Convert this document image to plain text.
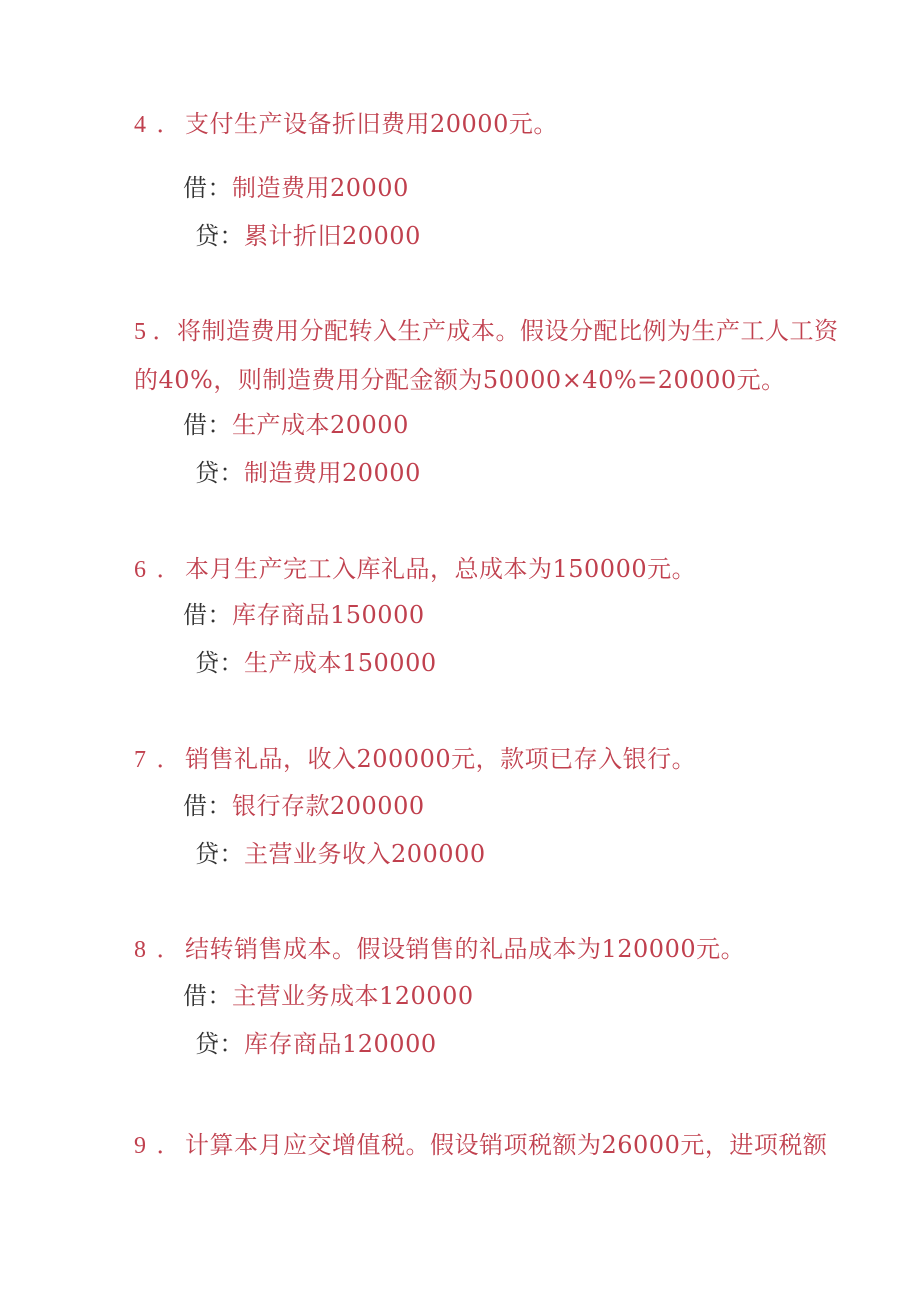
4 ． 支付生产设备折旧费用20000元。
借：制造费用20000
贷：累计折旧20000
5 ．将制造费用分配转入生产成本。假设分配比例为生产工人工资
的40%，则制造费用分配金额为50000×40%=20000元。
借：生产成本20000
贷：制造费用20000
6 ． 本月生产完工入库礼品，总成本为150000元。
借：库存商品150000
贷：生产成本150000
7 ． 销售礼品，收入200000元，款项已存入银行。
借：银行存款200000
贷：主营业务收入200000
8 ． 结转销售成本。假设销售的礼品成本为120000元。
借：主营业务成本120000
贷：库存商品120000
9 ． 计算本月应交增值税。假设销项税额为26000元，进项税额
